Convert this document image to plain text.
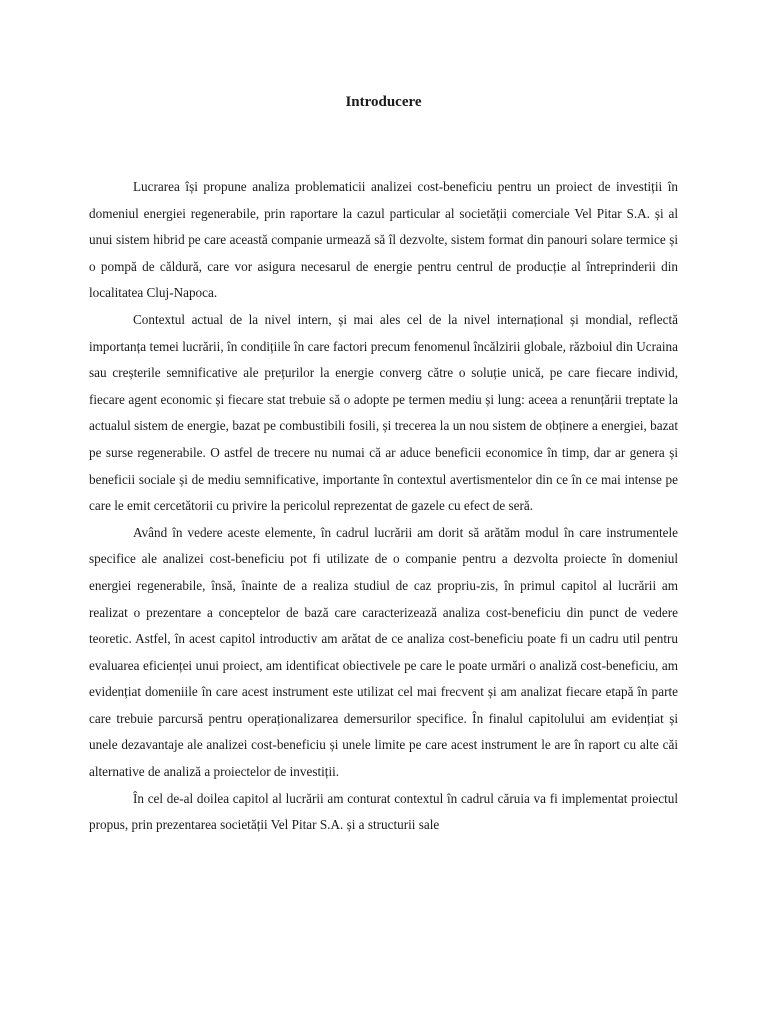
Introducere

Lucrarea își propune analiza problematicii analizei cost-beneficiu pentru un proiect de investiții în domeniul energiei regenerabile, prin raportare la cazul particular al societății comerciale Vel Pitar S.A. și al unui sistem hibrid pe care această companie urmează să îl dezvolte, sistem format din panouri solare termice și o pompă de căldură, care vor asigura necesarul de energie pentru centrul de producție al întreprinderii din localitatea Cluj-Napoca.

Contextul actual de la nivel intern, și mai ales cel de la nivel internațional și mondial, reflectă importanța temei lucrării, în condițiile în care factori precum fenomenul încălzirii globale, războiul din Ucraina sau creșterile semnificative ale prețurilor la energie converg către o soluție unică, pe care fiecare individ, fiecare agent economic și fiecare stat trebuie să o adopte pe termen mediu și lung: aceea a renunțării treptate la actualul sistem de energie, bazat pe combustibili fosili, și trecerea la un nou sistem de obținere a energiei, bazat pe surse regenerabile. O astfel de trecere nu numai că ar aduce beneficii economice în timp, dar ar genera și beneficii sociale și de mediu semnificative, importante în contextul avertismentelor din ce în ce mai intense pe care le emit cercetătorii cu privire la pericolul reprezentat de gazele cu efect de seră.

Având în vedere aceste elemente, în cadrul lucrării am dorit să arătăm modul în care instrumentele specifice ale analizei cost-beneficiu pot fi utilizate de o companie pentru a dezvolta proiecte în domeniul energiei regenerabile, însă, înainte de a realiza studiul de caz propriu-zis, în primul capitol al lucrării am realizat o prezentare a conceptelor de bază care caracterizează analiza cost-beneficiu din punct de vedere teoretic. Astfel, în acest capitol introductiv am arătat de ce analiza cost-beneficiu poate fi un cadru util pentru evaluarea eficienței unui proiect, am identificat obiectivele pe care le poate urmări o analiză cost-beneficiu, am evidențiat domeniile în care acest instrument este utilizat cel mai frecvent și am analizat fiecare etapă în parte care trebuie parcursă pentru operaționalizarea demersurilor specifice. În finalul capitolului am evidențiat și unele dezavantaje ale analizei cost-beneficiu și unele limite pe care acest instrument le are în raport cu alte căi alternative de analiză a proiectelor de investiții.

În cel de-al doilea capitol al lucrării am conturat contextul în cadrul căruia va fi implementat proiectul propus, prin prezentarea societății Vel Pitar S.A. și a structurii sale
